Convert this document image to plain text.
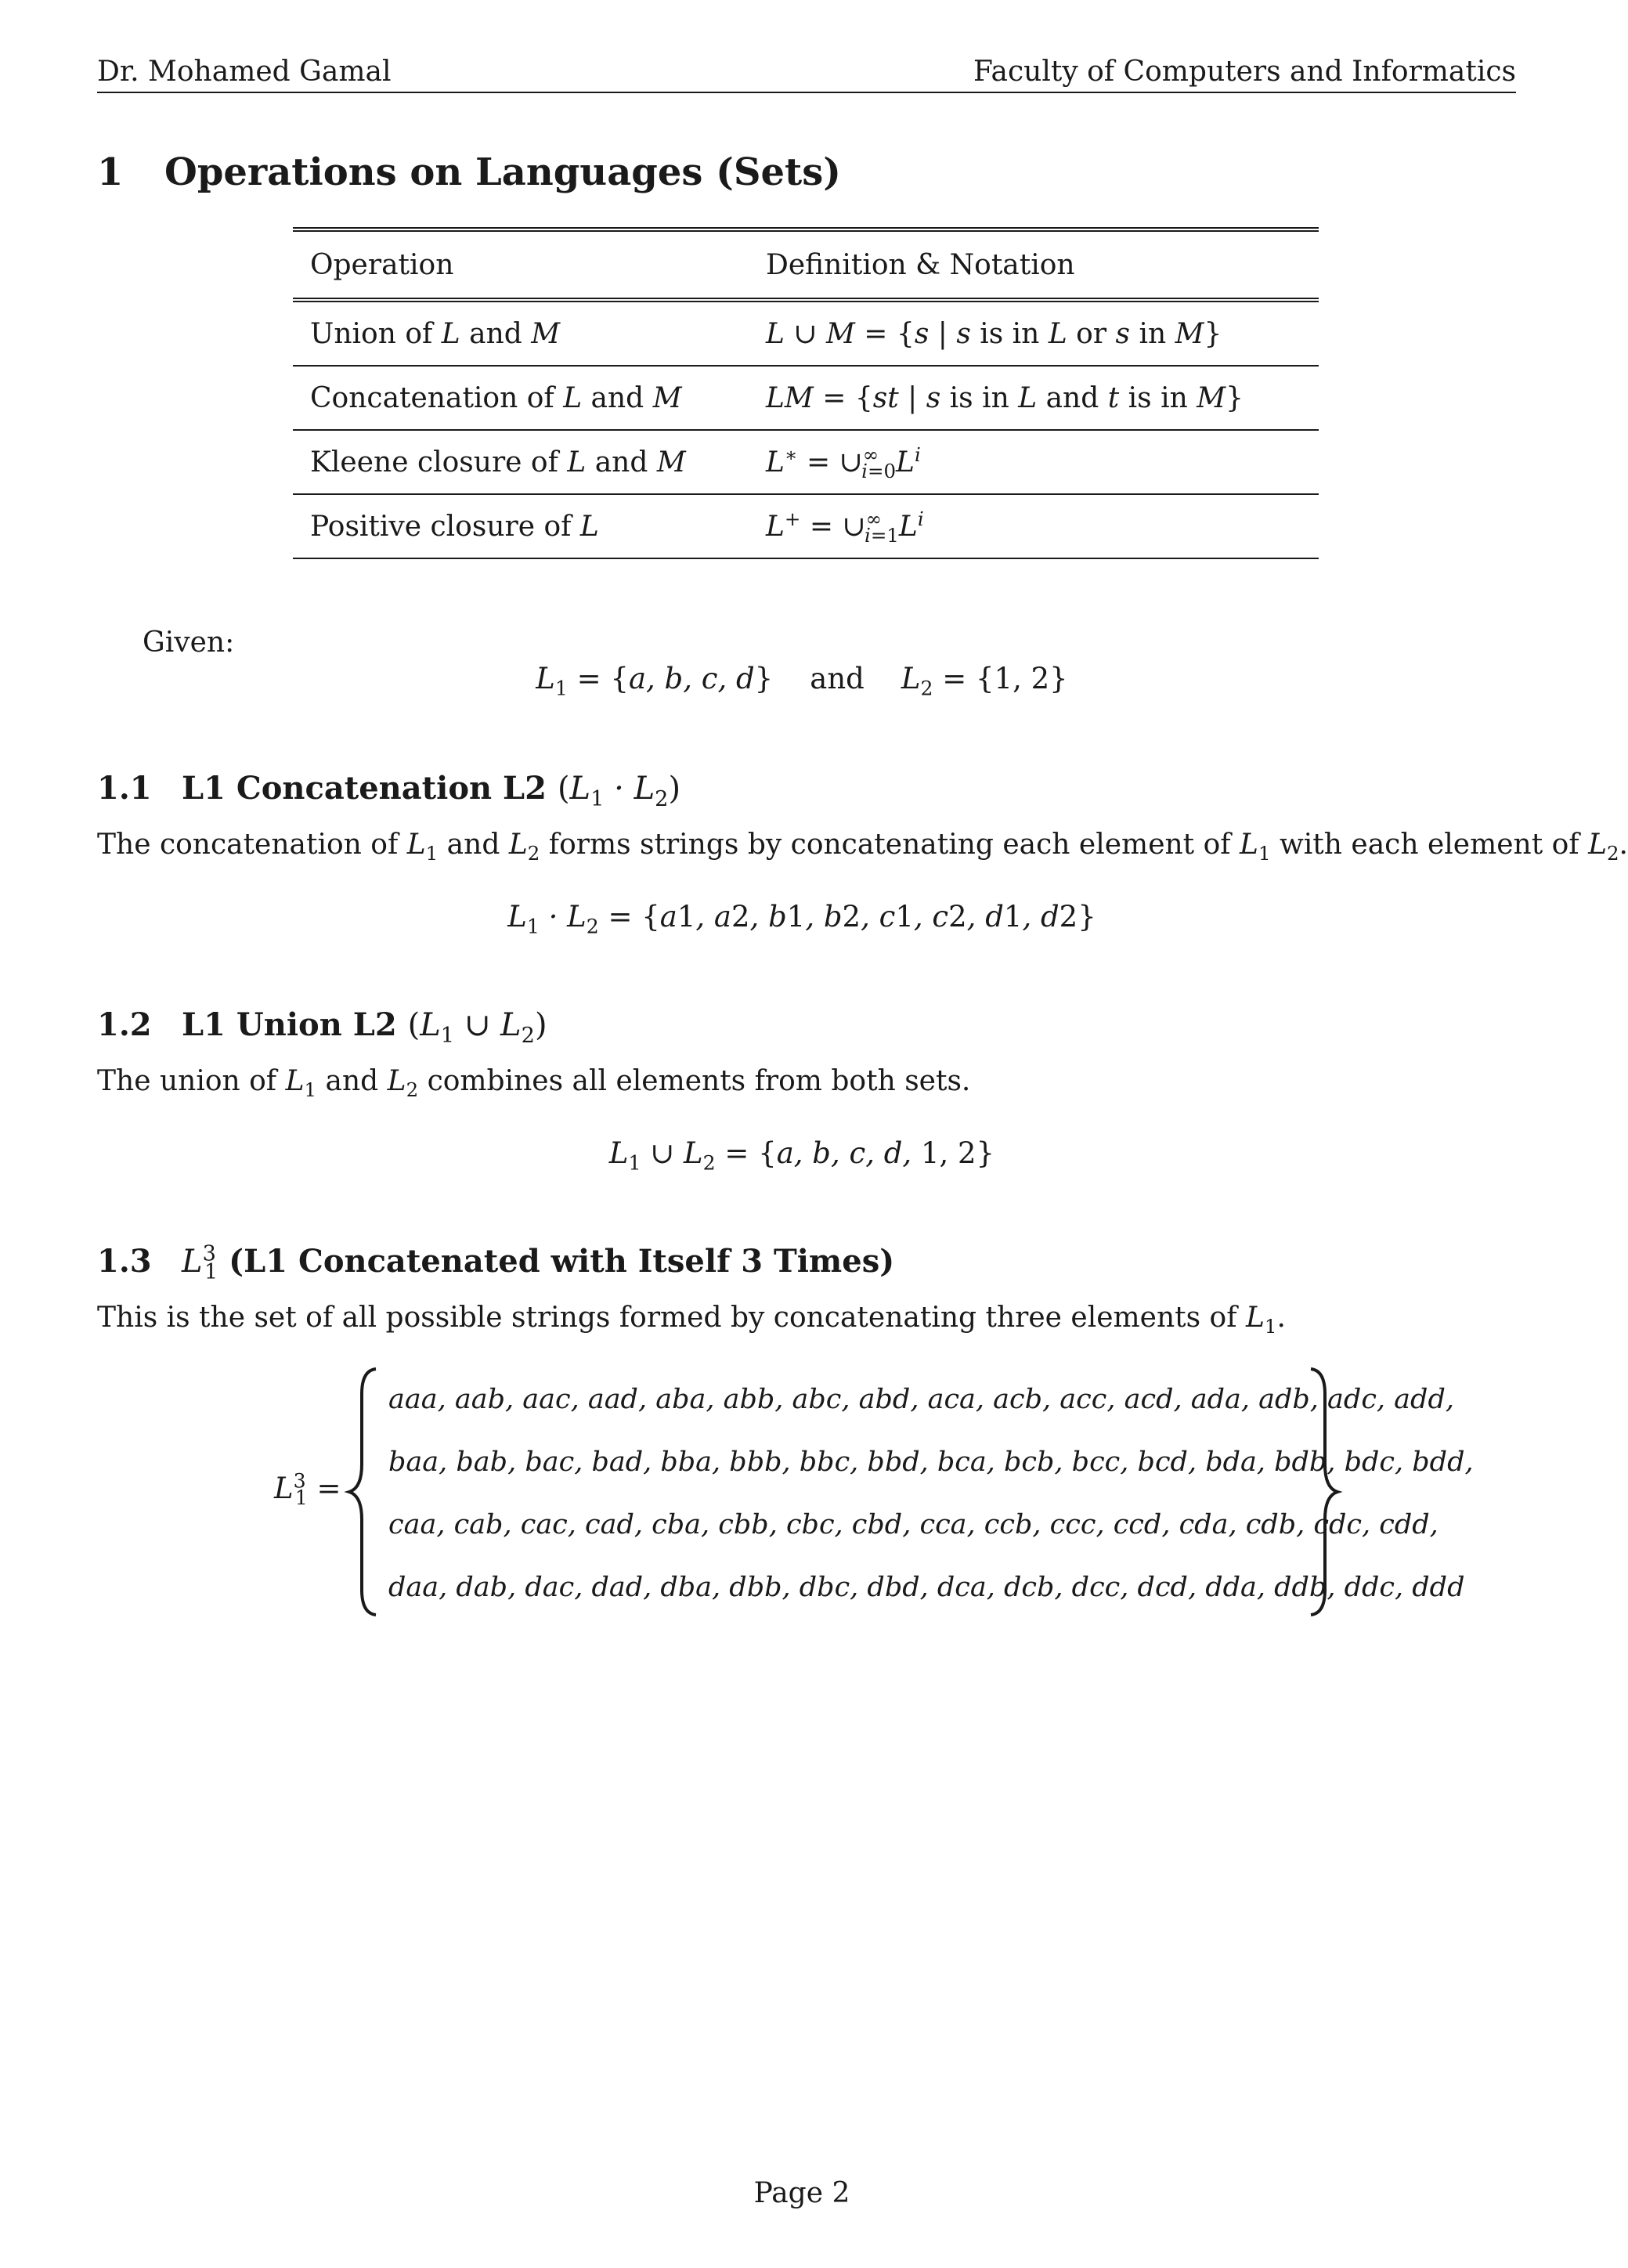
Dr. Mohamed Gamal	Faculty of Computers and Informatics
1 Operations on Languages (Sets)
Operation	Definition & Notation
Union of L and M	L ∪ M = {s | s is in L or s in M}
Concatenation of L and M	LM = {st | s is in L and t is in M}
Kleene closure of L and M	$L^∗ = \cup^\infty_{i=0}L^i$
Positive closure of L	$L^+ = \cup^\infty_{i=1}L^i$
Given:
$L_1 = \{a$, b, c, d}    and    $L_2 = \{1$, 2}
1.1 L1 Concatenation L2 $(L_1 \cdot L_2)$
The concatenation of $L_1$ and $L_2$ forms strings by concatenating each element of $L_1$ with each element of $L_2$.
$L_1 \cdot L_2 = \{a1$, a2, b1, b2, c1, c2, d1, d2}
1.2 L1 Union L2 ($L_1$ ∪ $L_2$)
The union of $L_1$ and $L_2$ combines all elements from both sets.
$L_1$ ∪ $L_2 = \{a$, b, c, d, 1, 2}
1.3 $L^3_1$ (L1 Concatenated with Itself 3 Times)
This is the set of all possible strings formed by concatenating three elements of $L_1$.
$L^3_1$ =
aaa, aab, aac, aad, aba, abb, abc, abd, aca, acb, acc, acd, ada, adb, adc, add,
baa, bab, bac, bad, bba, bbb, bbc, bbd, bca, bcb, bcc, bcd, bda, bdb, bdc, bdd,
caa, cab, cac, cad, cba, cbb, cbc, cbd, cca, ccb, ccc, ccd, cda, cdb, cdc, cdd,
daa, dab, dac, dad, dba, dbb, dbc, dbd, dca, dcb, dcc, dcd, dda, ddb, ddc, ddd
Page 2
